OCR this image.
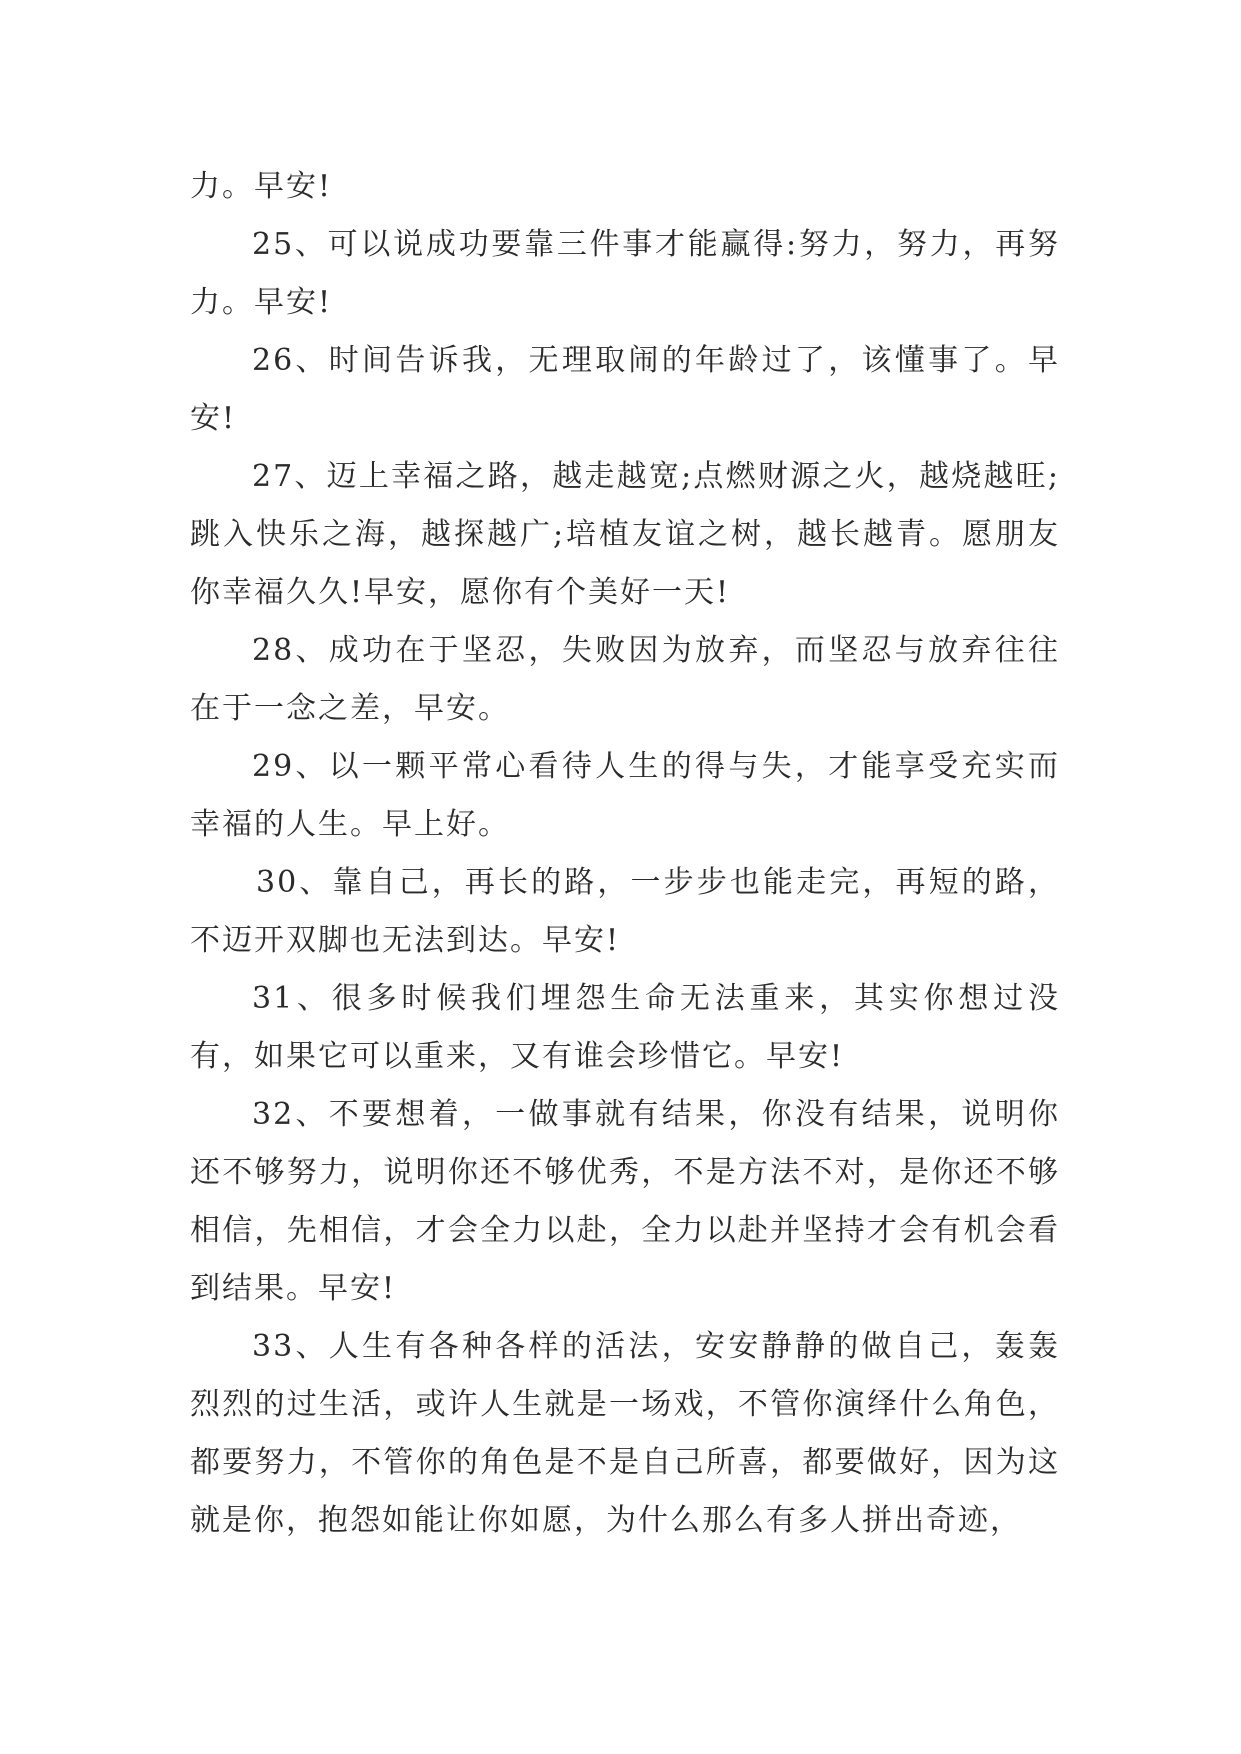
力。早安!

25、可以说成功要靠三件事才能赢得:努力，努力，再努力。早安!

26、时间告诉我，无理取闹的年龄过了，该懂事了。早安!

27、迈上幸福之路，越走越宽;点燃财源之火，越烧越旺;跳入快乐之海，越探越广;培植友谊之树，越长越青。愿朋友你幸福久久!早安，愿你有个美好一天!

28、成功在于坚忍，失败因为放弃，而坚忍与放弃往往在于一念之差，早安。

29、以一颗平常心看待人生的得与失，才能享受充实而幸福的人生。早上好。

30、靠自己，再长的路，一步步也能走完，再短的路，不迈开双脚也无法到达。早安!

31、很多时候我们埋怨生命无法重来，其实你想过没有，如果它可以重来，又有谁会珍惜它。早安!

32、不要想着，一做事就有结果，你没有结果，说明你还不够努力，说明你还不够优秀，不是方法不对，是你还不够相信，先相信，才会全力以赴，全力以赴并坚持才会有机会看到结果。早安!

33、人生有各种各样的活法，安安静静的做自己，轰轰烈烈的过生活，或许人生就是一场戏，不管你演绎什么角色，都要努力，不管你的角色是不是自己所喜，都要做好，因为这就是你，抱怨如能让你如愿，为什么那么有多人拼出奇迹，
